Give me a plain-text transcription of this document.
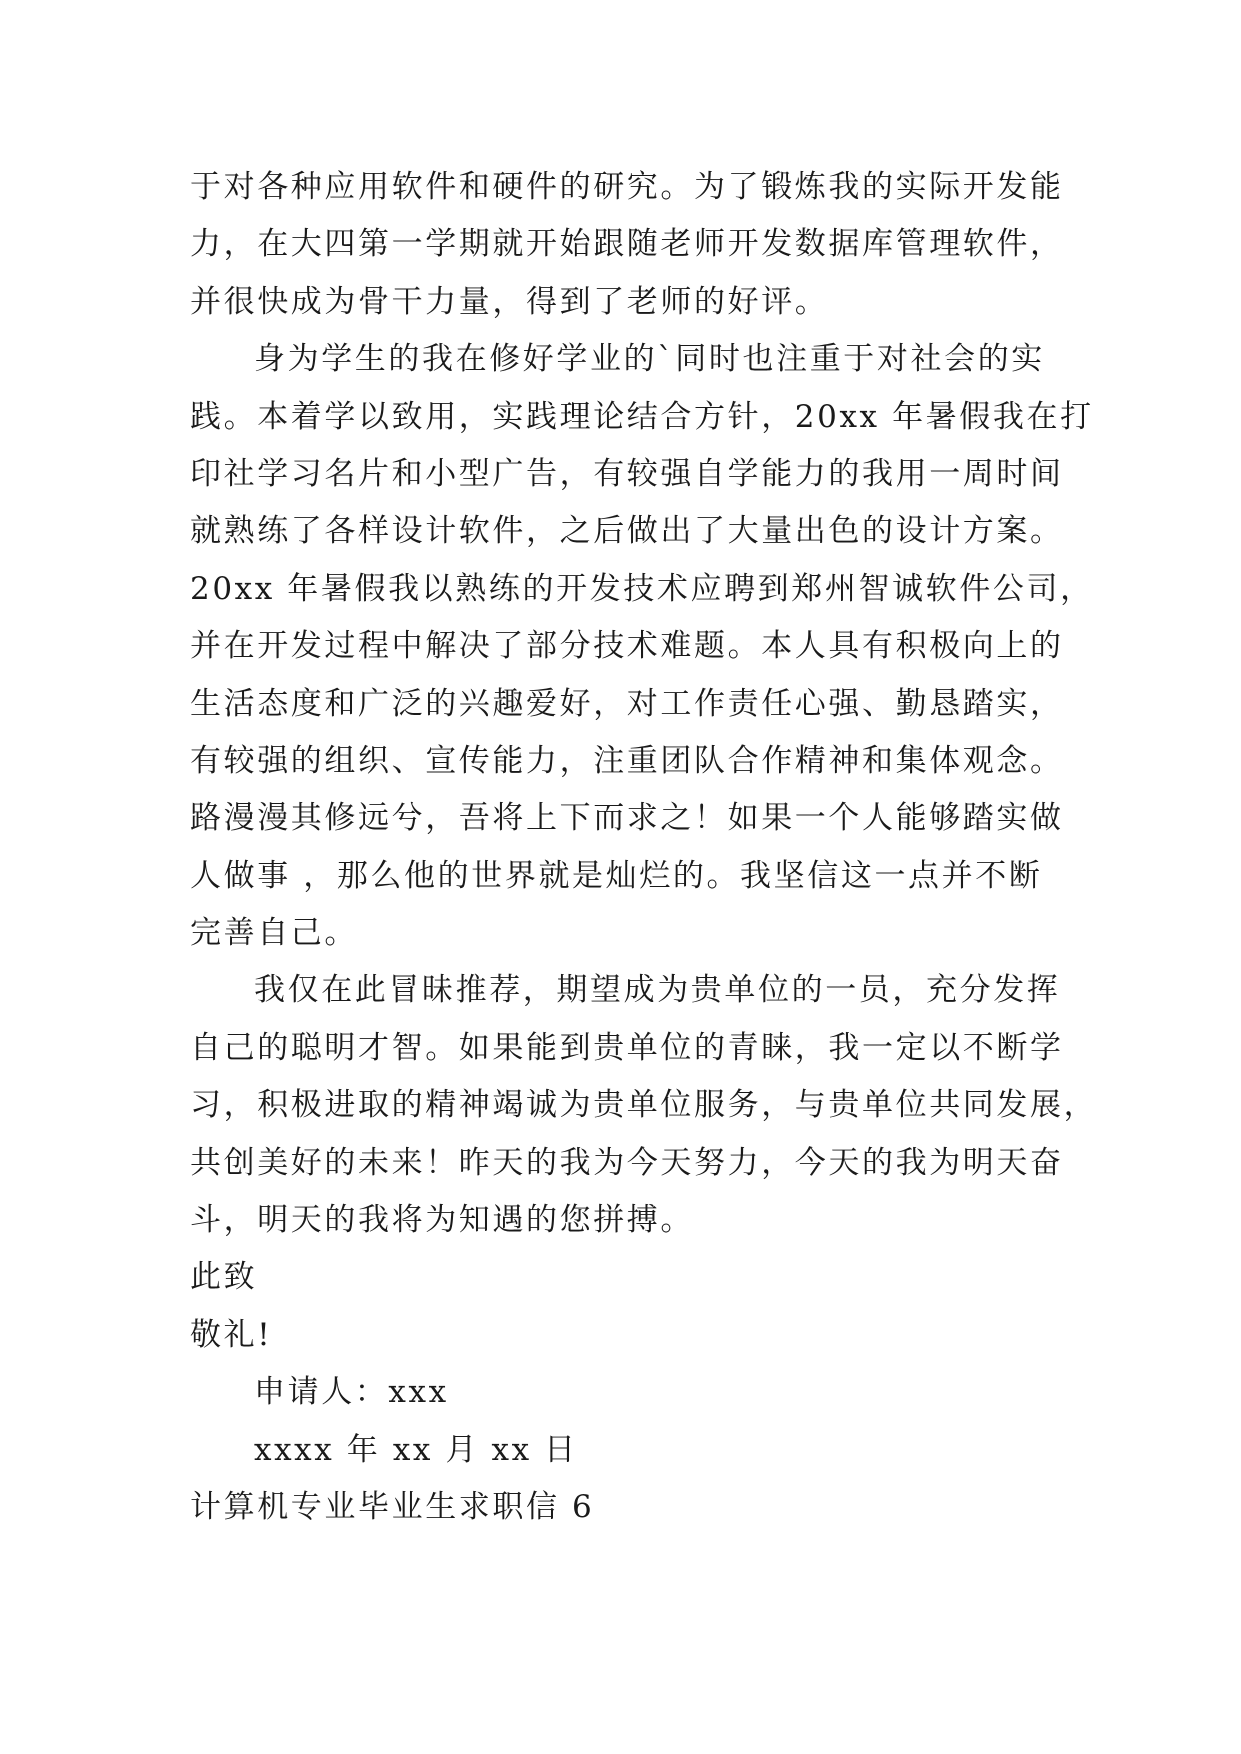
于对各种应用软件和硬件的研究。为了锻炼我的实际开发能
力，在大四第一学期就开始跟随老师开发数据库管理软件，
并很快成为骨干力量，得到了老师的好评。
身为学生的我在修好学业的`同时也注重于对社会的实
践。本着学以致用，实践理论结合方针，20xx 年暑假我在打
印社学习名片和小型广告，有较强自学能力的我用一周时间
就熟练了各样设计软件，之后做出了大量出色的设计方案。
20xx 年暑假我以熟练的开发技术应聘到郑州智诚软件公司，
并在开发过程中解决了部分技术难题。本人具有积极向上的
生活态度和广泛的兴趣爱好，对工作责任心强、勤恳踏实，
有较强的组织、宣传能力，注重团队合作精神和集体观念。
路漫漫其修远兮，吾将上下而求之！如果一个人能够踏实做
人做事 ，那么他的世界就是灿烂的。我坚信这一点并不断
完善自己。
我仅在此冒昧推荐，期望成为贵单位的一员，充分发挥
自己的聪明才智。如果能到贵单位的青睐，我一定以不断学
习，积极进取的精神竭诚为贵单位服务，与贵单位共同发展，
共创美好的未来！昨天的我为今天努力，今天的我为明天奋
斗，明天的我将为知遇的您拼搏。
此致
敬礼!
申请人：xxx
xxxx 年 xx 月 xx 日
计算机专业毕业生求职信 6
